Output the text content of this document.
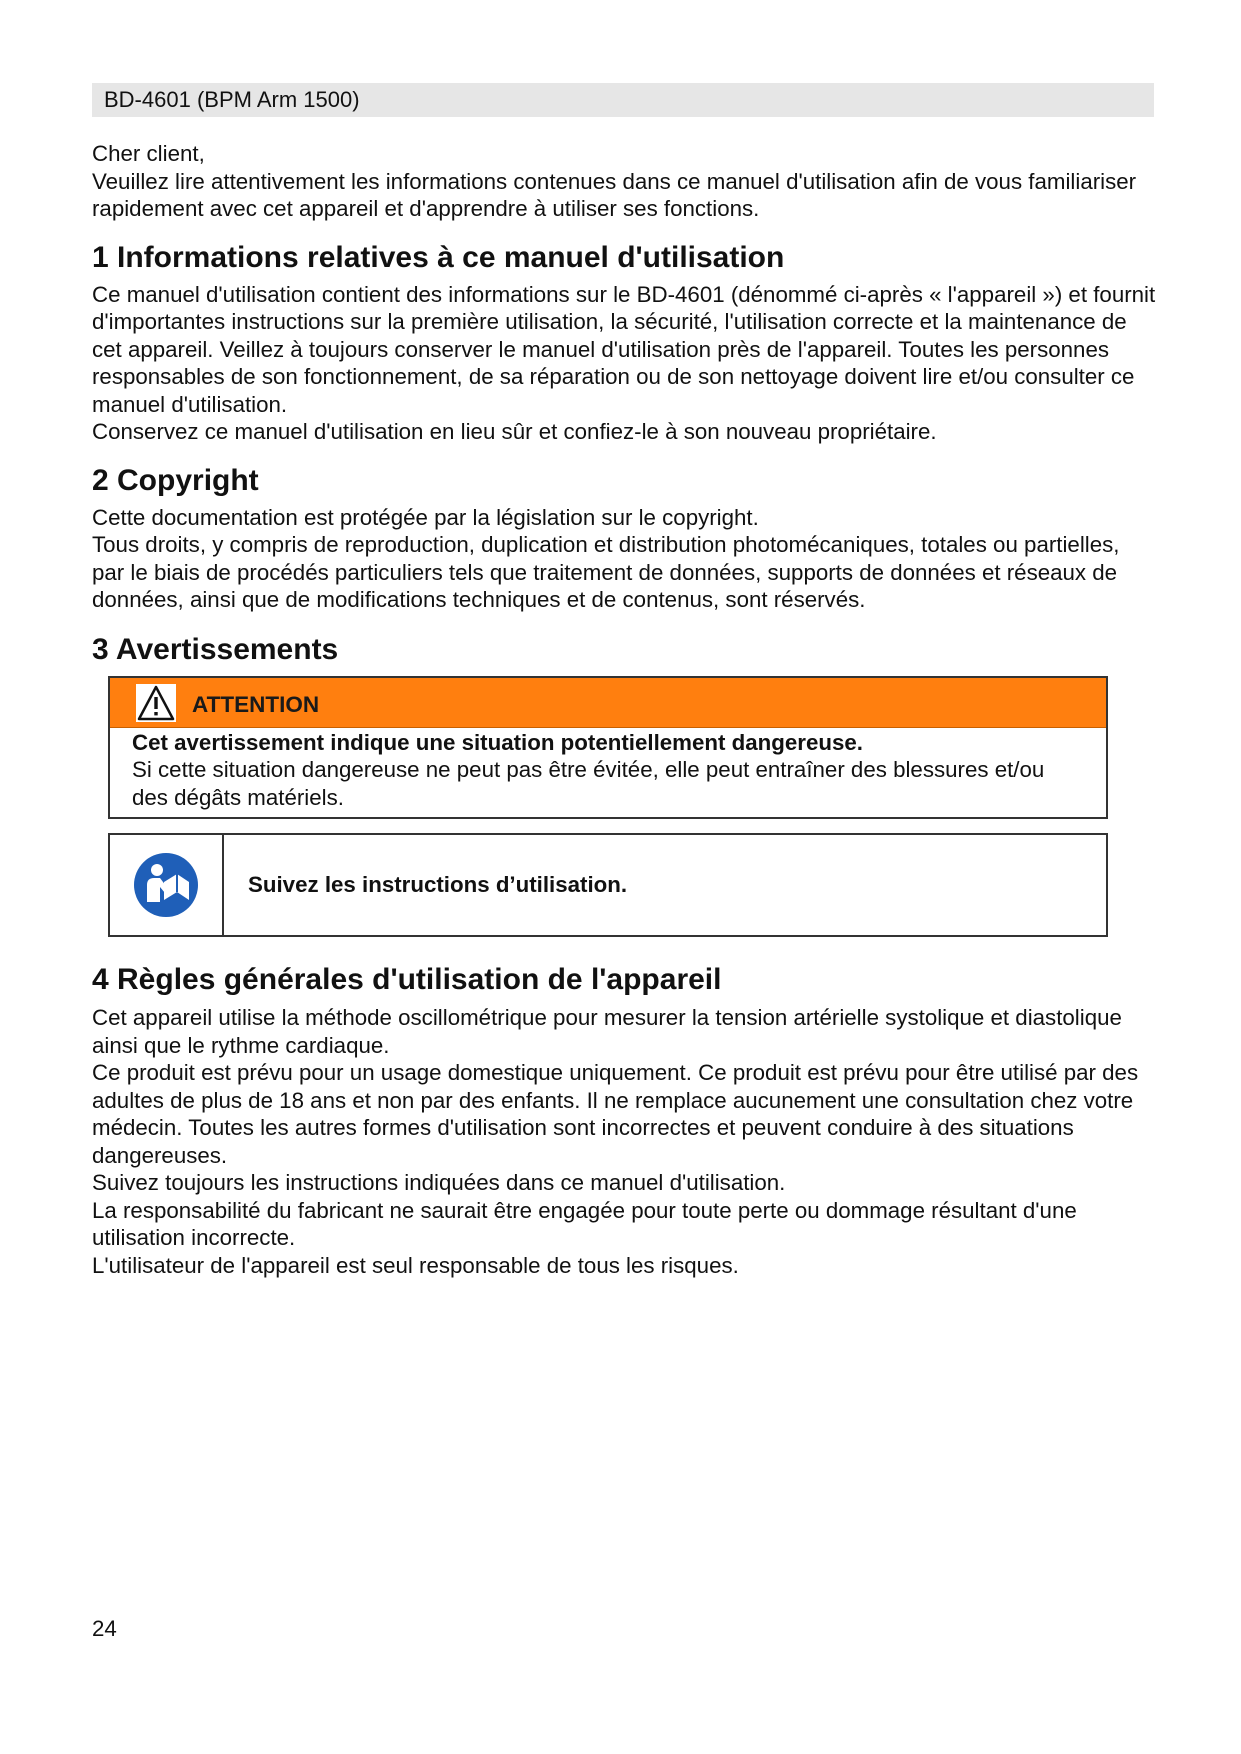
BD-4601 (BPM Arm 1500)

Cher client,

Veuillez lire attentivement les informations contenues dans ce manuel d'utilisation afin de vous familiariser rapidement avec cet appareil et d'apprendre à utiliser ses fonctions.

1 Informations relatives à ce manuel d'utilisation

Ce manuel d'utilisation contient des informations sur le BD-4601 (dénommé ci-après « l'appareil ») et fournit d'importantes instructions sur la première utilisation, la sécurité, l'utilisation correcte et la maintenance de cet appareil. Veillez à toujours conserver le manuel d'utilisation près de l'appareil. Toutes les personnes responsables de son fonctionnement, de sa réparation ou de son nettoyage doivent lire et/ou consulter ce manuel d'utilisation.

Conservez ce manuel d'utilisation en lieu sûr et confiez-le à son nouveau propriétaire.

2 Copyright

Cette documentation est protégée par la législation sur le copyright.

Tous droits, y compris de reproduction, duplication et distribution photomécaniques, totales ou partielles, par le biais de procédés particuliers tels que traitement de données, supports de données et réseaux de données, ainsi que de modifications techniques et de contenus, sont réservés.

3 Avertissements
ATTENTION

Cet avertissement indique une situation potentiellement dangereuse.

Si cette situation dangereuse ne peut pas être évitée, elle peut entraîner des blessures et/ou des dégâts matériels.

Suivez les instructions d’utilisation.
4 Règles générales d'utilisation de l'appareil

Cet appareil utilise la méthode oscillométrique pour mesurer la tension artérielle systolique et diastolique ainsi que le rythme cardiaque.

Ce produit est prévu pour un usage domestique uniquement. Ce produit est prévu pour être utilisé par des adultes de plus de 18 ans et non par des enfants. Il ne remplace aucunement une consultation chez votre médecin. Toutes les autres formes d'utilisation sont incorrectes et peuvent conduire à des situations dangereuses.

Suivez toujours les instructions indiquées dans ce manuel d'utilisation.

La responsabilité du fabricant ne saurait être engagée pour toute perte ou dommage résultant d'une utilisation incorrecte.

L'utilisateur de l'appareil est seul responsable de tous les risques.

24
